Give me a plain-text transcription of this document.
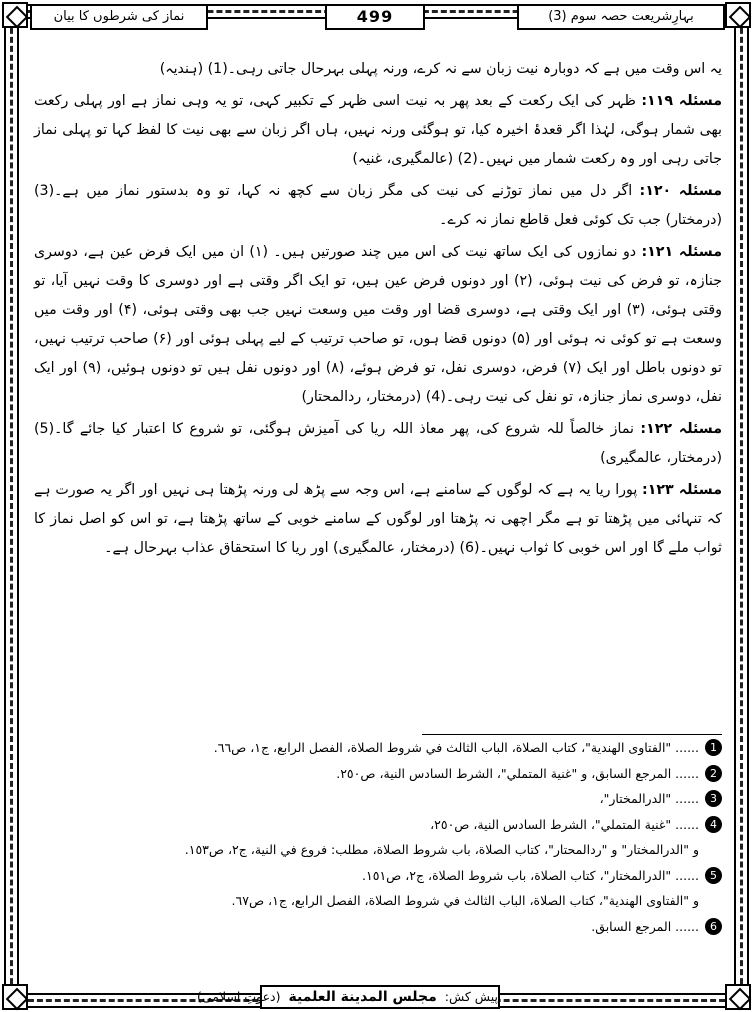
بہارِشریعت حصہ سوم (3)
499
نماز کی شرطوں کا بیان

یہ اس وقت میں ہے کہ دوبارہ نیت زبان سے نہ کرے، ورنہ پہلی بہرحال جاتی رہی۔(1) (ہندیہ)

مسئلہ ۱۱۹: ظہر کی ایک رکعت کے بعد پھر بہ نیت اسی ظہر کے تکبیر کہی، تو یہ وہی نماز ہے اور پہلی رکعت بھی شمار ہوگی، لہٰذا اگر قعدۂ اخیرہ کیا، تو ہوگئی ورنہ نہیں، ہاں اگر زبان سے بھی نیت کا لفظ کہا تو پہلی نماز جاتی رہی اور وہ رکعت شمار میں نہیں۔(2) (عالمگیری، غنیہ)

مسئلہ ۱۲۰: اگر دل میں نماز توڑنے کی نیت کی مگر زبان سے کچھ نہ کہا، تو وہ بدستور نماز میں ہے۔(3) (درمختار) جب تک کوئی فعل قاطع نماز نہ کرے۔

مسئلہ ۱۲۱: دو نمازوں کی ایک ساتھ نیت کی اس میں چند صورتیں ہیں۔ (۱) ان میں ایک فرض عین ہے، دوسری جنازہ، تو فرض کی نیت ہوئی، (۲) اور دونوں فرض عین ہیں، تو ایک اگر وقتی ہے اور دوسری کا وقت نہیں آیا، تو وقتی ہوئی، (۳) اور ایک وقتی ہے، دوسری قضا اور وقت میں وسعت نہیں جب بھی وقتی ہوئی، (۴) اور وقت میں وسعت ہے تو کوئی نہ ہوئی اور (۵) دونوں قضا ہوں، تو صاحب ترتیب کے لیے پہلی ہوئی اور (۶) صاحب ترتیب نہیں، تو دونوں باطل اور ایک (۷) فرض، دوسری نفل، تو فرض ہوئے، (۸) اور دونوں نفل ہیں تو دونوں ہوئیں، (۹) اور ایک نفل، دوسری نماز جنازہ، تو نفل کی نیت رہی۔(4) (درمختار، ردالمحتار)

مسئلہ ۱۲۲: نماز خالصاً للہ شروع کی، پھر معاذ اللہ ریا کی آمیزش ہوگئی، تو شروع کا اعتبار کیا جائے گا۔(5) (درمختار، عالمگیری)

مسئلہ ۱۲۳: پورا ریا یہ ہے کہ لوگوں کے سامنے ہے، اس وجہ سے پڑھ لی ورنہ پڑھتا ہی نہیں اور اگر یہ صورت ہے کہ تنہائی میں پڑھتا تو ہے مگر اچھی نہ پڑھتا اور لوگوں کے سامنے خوبی کے ساتھ پڑھتا ہے، تو اس کو اصل نماز کا ثواب ملے گا اور اس خوبی کا ثواب نہیں۔(6) (درمختار، عالمگیری) اور ریا کا استحقاق عذاب بہرحال ہے۔

1
...... "الفتاوى الهندية"، كتاب الصلاة، الباب الثالث في شروط الصلاة، الفصل الرابع، ج١، ص٦٦.
2
...... المرجع السابق، و "غنية المتملي"، الشرط السادس النية، ص٢٥٠.
3
...... "الدرالمختار"،
4
...... "غنية المتملي"، الشرط السادس النية، ص٢٥٠،
و "الدرالمختار" و "ردالمحتار"، كتاب الصلاة، باب شروط الصلاة، مطلب: فروع في النية، ج٢، ص١٥٣.
5
...... "الدرالمختار"، كتاب الصلاة، باب شروط الصلاة، ج٢، ص١٥١.
و "الفتاوى الهندية"، كتاب الصلاة، الباب الثالث في شروط الصلاة، الفصل الرابع، ج١، ص٦٧.
6
...... المرجع السابق.
پیش کش: مجلس المدينة العلمية (دعوتِ اسلامی)
